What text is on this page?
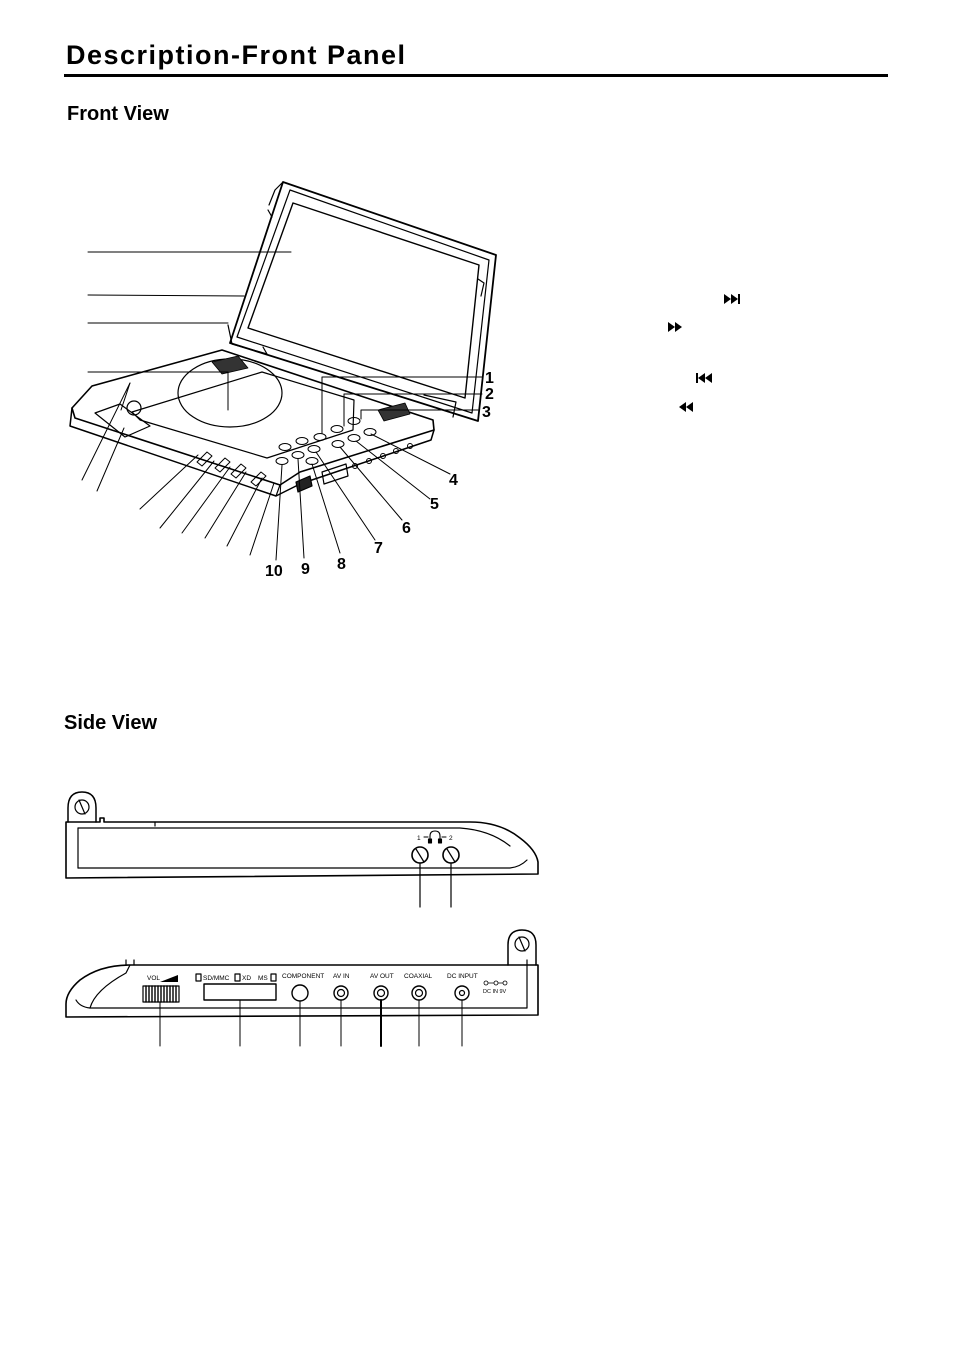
Description-Front Panel
Front View
Side View
1
2
3
4
5
6
7
8
9
10
1	2
VOL	SD/MMC XD MS COMPONENT AV IN	AV OUT COAXIAL DC INPUT
DC IN 9V
